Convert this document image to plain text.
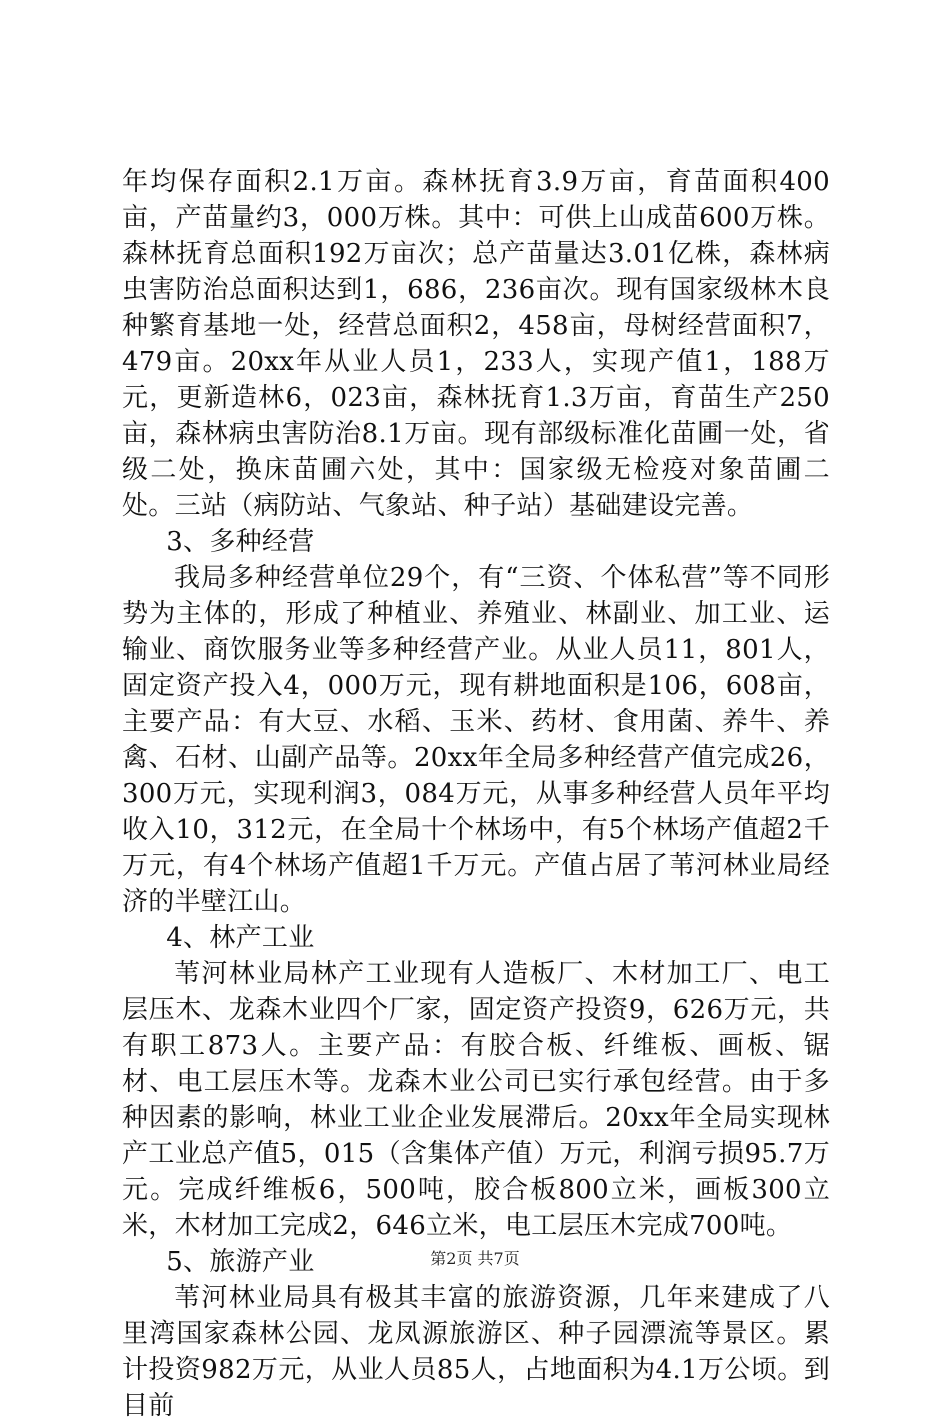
年均保存面积2.1万亩。森林抚育3.9万亩，育苗面积400亩，产苗量约3，000万株。其中：可供上山成苗600万株。森林抚育总面积192万亩次；总产苗量达3.01亿株，森林病虫害防治总面积达到1，686，236亩次。现有国家级林木良种繁育基地一处，经营总面积2，458亩，母树经营面积7，479亩。20xx年从业人员1，233人，实现产值1，188万元，更新造林6，023亩，森林抚育1.3万亩，育苗生产250亩，森林病虫害防治8.1万亩。现有部级标准化苗圃一处，省级二处，换床苗圃六处，其中：国家级无检疫对象苗圃二处。三站（病防站、气象站、种子站）基础建设完善。

3、多种经营

我局多种经营单位29个，有“三资、个体私营”等不同形势为主体的，形成了种植业、养殖业、林副业、加工业、运输业、商饮服务业等多种经营产业。从业人员11，801人，固定资产投入4，000万元，现有耕地面积是106，608亩，主要产品：有大豆、水稻、玉米、药材、食用菌、养牛、养禽、石材、山副产品等。20xx年全局多种经营产值完成26，300万元，实现利润3，084万元，从事多种经营人员年平均收入10，312元，在全局十个林场中，有5个林场产值超2千万元，有4个林场产值超1千万元。产值占居了苇河林业局经济的半壁江山。

4、林产工业

苇河林业局林产工业现有人造板厂、木材加工厂、电工层压木、龙森木业四个厂家，固定资产投资9，626万元，共有职工873人。主要产品：有胶合板、纤维板、画板、锯材、电工层压木等。龙森木业公司已实行承包经营。由于多种因素的影响，林业工业企业发展滞后。20xx年全局实现林产工业总产值5，015（含集体产值）万元，利润亏损95.7万元。完成纤维板6，500吨，胶合板800立米，画板300立米，木材加工完成2，646立米，电工层压木完成700吨。

5、旅游产业

苇河林业局具有极其丰富的旅游资源，几年来建成了八里湾国家森林公园、龙凤源旅游区、种子园漂流等景区。累计投资982万元，从业人员85人，占地面积为4.1万公顷。到目前

第2页 共7页
